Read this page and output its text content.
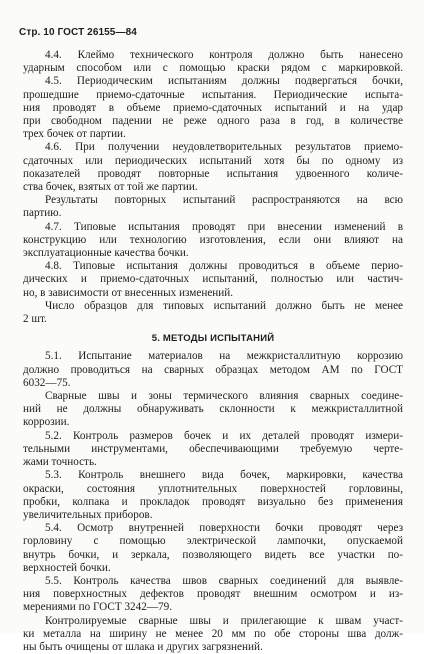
Стр. 10 ГОСТ 26155—84
4.4. Клеймо технического контроля должно быть нанесено
ударным способом или с помощью краски рядом с маркировкой.
4.5. Периодическим испытаниям должны подвергаться бочки,
прошедшие приемо-сдаточные испытания. Периодические испыта-
ния проводят в объеме приемо-сдаточных испытаний и на удар
при свободном падении не реже одного раза в год, в количестве
трех бочек от партии.
4.6. При получении неудовлетворительных результатов приемо-
сдаточных или периодических испытаний хотя бы по одному из
показателей проводят повторные испытания удвоенного количе-
ства бочек, взятых от той же партии.
Результаты повторных испытаний распространяются на всю
партию.
4.7. Типовые испытания проводят при внесении изменений в
конструкцию или технологию изготовления, если они влияют на
эксплуатационные качества бочки.
4.8. Типовые испытания должны проводиться в объеме перио-
дических и приемо-сдаточных испытаний, полностью или частич-
но, в зависимости от внесенных изменений.
Число образцов для типовых испытаний должно быть не менее
2 шт.
5. МЕТОДЫ ИСПЫТАНИЙ
5.1. Испытание материалов на межкристаллитную коррозию
должно проводиться на сварных образцах методом АМ по ГОСТ
6032—75.
Сварные швы и зоны термического влияния сварных соедине-
ний не должны обнаруживать склонности к межкристаллитной
коррозии.
5.2. Контроль размеров бочек и их деталей проводят измери-
тельными инструментами, обеспечивающими требуемую черте-
жами точность.
5.3. Контроль внешнего вида бочек, маркировки, качества
окраски, состояния уплотнительных поверхностей горловины,
пробки, колпака и прокладок проводят визуально без применения
увеличительных приборов.
5.4. Осмотр внутренней поверхности бочки проводят через
горловину с помощью электрической лампочки, опускаемой
внутрь бочки, и зеркала, позволяющего видеть все участки по-
верхностей бочки.
5.5. Контроль качества швов сварных соединений для выявле-
ния поверхностных дефектов проводят внешним осмотром и из-
мерениями по ГОСТ 3242—79.
Контролируемые сварные швы и прилегающие к швам участ-
ки металла на ширину не менее 20 мм по обе стороны шва долж-
ны быть очищены от шлака и других загрязнений.
